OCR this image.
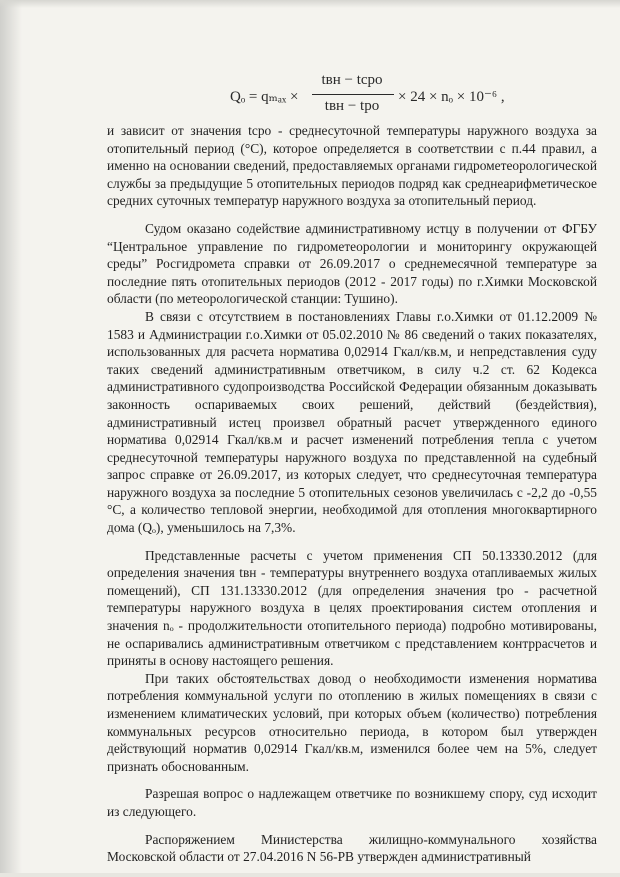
Qₒ = qₘₐₓ ×
tвн − tсро
tвн − tро
× 24 × nₒ × 10⁻⁶ ,

и зависит от значения tсро - среднесуточной температуры наружного воздуха за отопительный период (°C), которое определяется в соответствии с п.44 правил, а именно на основании сведений, предоставляемых органами гидрометеорологической службы за предыдущие 5 отопительных периодов подряд как среднеарифметическое средних суточных температур наружного воздуха за отопительный период.

Судом оказано содействие административному истцу в получении от ФГБУ “Центральное управление по гидрометеорологии и мониторингу окружающей среды” Росгидромета справки от 26.09.2017 о среднемесячной температуре за последние пять отопительных периодов (2012 - 2017 годы) по г.Химки Московской области (по метеорологической станции: Тушино).

В связи с отсутствием в постановлениях Главы г.о.Химки от 01.12.2009 № 1583 и Администрации г.о.Химки от 05.02.2010 № 86 сведений о таких показателях, использованных для расчета норматива 0,02914 Гкал/кв.м, и непредставления суду таких сведений административным ответчиком, в силу ч.2 ст. 62 Кодекса административного судопроизводства Российской Федерации обязанным доказывать законность оспариваемых своих решений, действий (бездействия), административный истец произвел обратный расчет утвержденного единого норматива 0,02914 Гкал/кв.м и расчет изменений потребления тепла с учетом среднесуточной температуры наружного воздуха по представленной на судебный запрос справке от 26.09.2017, из которых следует, что среднесуточная температура наружного воздуха за последние 5 отопительных сезонов увеличилась с -2,2 до -0,55 °C, а количество тепловой энергии, необходимой для отопления многоквартирного дома (Qₒ), уменьшилось на 7,3%.

Представленные расчеты с учетом применения СП 50.13330.2012 (для определения значения tвн - температуры внутреннего воздуха отапливаемых жилых помещений), СП 131.13330.2012 (для определения значения tро - расчетной температуры наружного воздуха в целях проектирования систем отопления и значения nₒ - продолжительности отопительного периода) подробно мотивированы, не оспаривались административным ответчиком с представлением контррасчетов и приняты в основу настоящего решения.

При таких обстоятельствах довод о необходимости изменения норматива потребления коммунальной услуги по отоплению в жилых помещениях в связи с изменением климатических условий, при которых объем (количество) потребления коммунальных ресурсов относительно периода, в котором был утвержден действующий норматив 0,02914 Гкал/кв.м, изменился более чем на 5%, следует признать обоснованным.

Разрешая вопрос о надлежащем ответчике по возникшему спору, суд исходит из следующего.

Распоряжением Министерства жилищно-коммунального хозяйства Московской области от 27.04.2016 N 56-РВ утвержден административный
